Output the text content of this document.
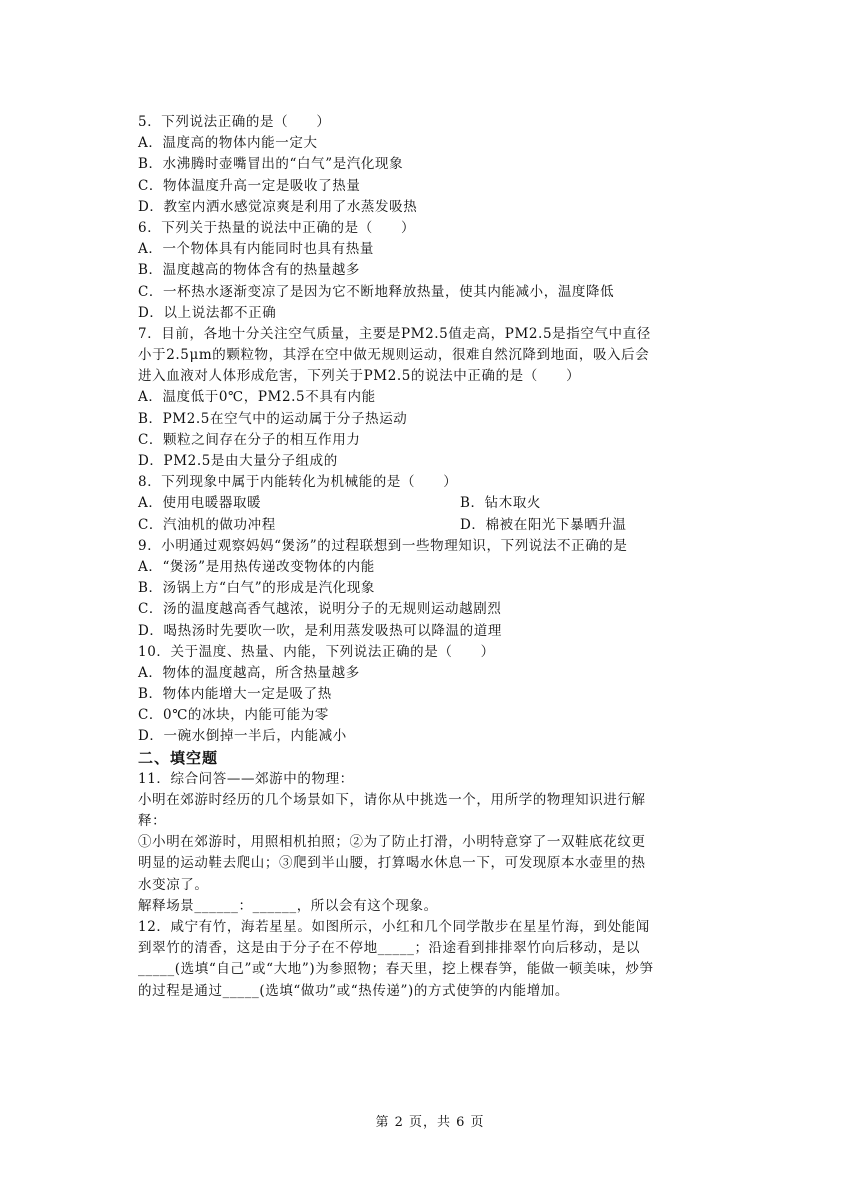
5．下列说法正确的是（　　）
A．温度高的物体内能一定大
B．水沸腾时壶嘴冒出的“白气”是汽化现象
C．物体温度升高一定是吸收了热量
D．教室内洒水感觉凉爽是利用了水蒸发吸热
6．下列关于热量的说法中正确的是（　　）
A．一个物体具有内能同时也具有热量
B．温度越高的物体含有的热量越多
C．一杯热水逐渐变凉了是因为它不断地释放热量，使其内能减小，温度降低
D．以上说法都不正确
7．目前，各地十分关注空气质量，主要是PM2.5值走高，PM2.5是指空气中直径
小于2.5μm的颗粒物，其浮在空中做无规则运动，很难自然沉降到地面，吸入后会
进入血液对人体形成危害，下列关于PM2.5的说法中正确的是（　　）
A．温度低于0℃，PM2.5不具有内能
B．PM2.5在空气中的运动属于分子热运动
C．颗粒之间存在分子的相互作用力
D．PM2.5是由大量分子组成的
8．下列现象中属于内能转化为机械能的是（　　）
A．使用电暖器取暖	B．钻木取火
C．汽油机的做功冲程	D．棉被在阳光下暴晒升温
9．小明通过观察妈妈“煲汤”的过程联想到一些物理知识，下列说法不正确的是
A．“煲汤”是用热传递改变物体的内能
B．汤锅上方“白气”的形成是汽化现象
C．汤的温度越高香气越浓，说明分子的无规则运动越剧烈
D．喝热汤时先要吹一吹，是利用蒸发吸热可以降温的道理
10．关于温度、热量、内能，下列说法正确的是（　　）
A．物体的温度越高，所含热量越多
B．物体内能增大一定是吸了热
C．0℃的冰块，内能可能为零
D．一碗水倒掉一半后，内能减小
二、填空题
11．综合问答——郊游中的物理：
小明在郊游时经历的几个场景如下，请你从中挑选一个，用所学的物理知识进行解
释：
①小明在郊游时，用照相机拍照；②为了防止打滑，小明特意穿了一双鞋底花纹更
明显的运动鞋去爬山；③爬到半山腰，打算喝水休息一下，可发现原本水壶里的热
水变凉了。
解释场景______：______，所以会有这个现象。
12．咸宁有竹，海若星星。如图所示，小红和几个同学散步在星星竹海，到处能闻
到翠竹的清香，这是由于分子在不停地_____；沿途看到排排翠竹向后移动，是以
_____(选填“自己”或“大地”)为参照物；春天里，挖上棵春笋，能做一顿美味，炒笋
的过程是通过_____(选填“做功”或“热传递”)的方式使笋的内能增加。
第 2 页，共 6 页
